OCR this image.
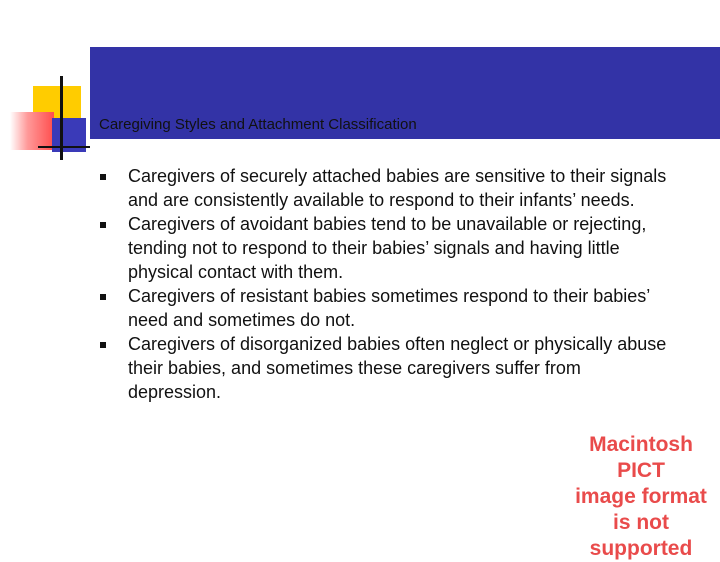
Caregiving Styles and Attachment Classification
Caregivers of securely attached babies are sensitive to their signals and are consistently available to respond to their infants’ needs.
Caregivers of avoidant babies tend to be unavailable or rejecting, tending not to respond to their babies’ signals and having little physical contact with them.
Caregivers of resistant babies sometimes respond to their babies’ need and sometimes do not.
Caregivers of disorganized babies often neglect or physically abuse their babies, and sometimes these caregivers suffer from depression.
Macintosh PICT
image format
is not supported
